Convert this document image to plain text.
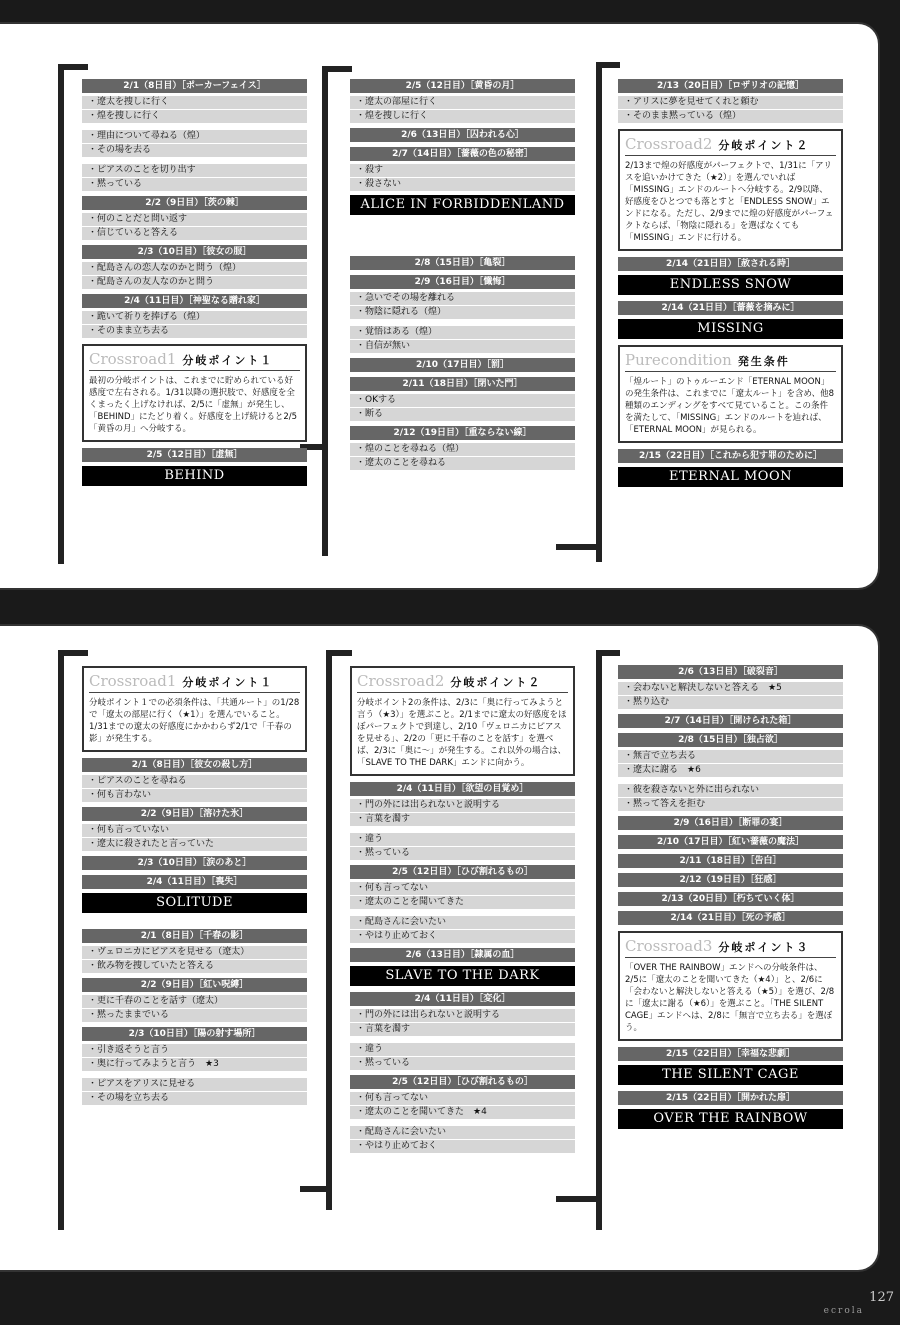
2/1（8日目）［ポーカーフェイス］
・ 遼太を捜しに行く
・ 煌を捜しに行く
・ 理由について尋ねる（煌）
・ その場を去る
・ ピアスのことを切り出す
・ 黙っている
2/2（9日目）［茨の棘］
・ 何のことだと問い返す
・ 信じていると答える
2/3（10日目）［彼女の服］
・ 配島さんの恋人なのかと問う（煌）
・ 配島さんの友人なのかと問う
2/4（11日目）［神聖なる贈れ家］
・ 跪いて祈りを捧げる（煌）
・ そのまま立ち去る
Crossroad1 分岐ポイント１
最初の分岐ポイントは、これまでに貯められている好感度で左右される。1/31以降の選択肢で、好感度を全くまったく上げなければ、2/5に「虚無」が発生し、「BEHIND」にたどり着く。好感度を上げ続けると2/5「黄昏の月」へ分岐する。
2/5（12日目）［虚無］
BEHIND
2/5（12日目）［黄昏の月］
・ 遼太の部屋に行く
・ 煌を捜しに行く
2/6（13日目）［囚われる心］
2/7（14日目）［薔薇の色の秘密］
・ 殺す
・ 殺さない
ALICE IN FORBIDDENLAND
2/8（15日目）［亀裂］
2/9（16日目）［懺悔］
・ 急いでその場を離れる
・ 物陰に隠れる（煌）
・ 覚悟はある（煌）
・ 自信が無い
2/10（17日目）［罰］
2/11（18日目）［閉いた門］
・ OKする
・ 断る
2/12（19日目）［重ならない線］
・ 煌のことを尋ねる（煌）
・ 遼太のことを尋ねる
2/13（20日目）［ロザリオの記憶］
・ アリスに夢を見せてくれと頼む
・ そのまま黙っている（煌）
Crossroad2 分岐ポイント２
2/13まで煌の好感度がパーフェクトで、1/31に「アリスを追いかけてきた（★2）」を選んでいれば「MISSING」エンドのルートへ分岐する。2/9以降、好感度をひとつでも落とすと「ENDLESS SNOW」エンドになる。ただし、2/9までに煌の好感度がパーフェクトならば、「物陰に隠れる」を選ばなくても「MISSING」エンドに行ける。
2/14（21日目）［赦される時］
ENDLESS SNOW
2/14（21日目）［薔薇を摘みに］
MISSING
Purecondition 発生条件
「煌ルート」のトゥルーエンド「ETERNAL MOON」の発生条件は、これまでに「遼太ルート」を含め、他8種類のエンディングをすべて見ていること。この条件を満たして、「MISSING」エンドのルートを辿れば、「ETERNAL MOON」が見られる。
2/15（22日目）［これから犯す罪のために］
ETERNAL MOON
Crossroad1 分岐ポイント１
分岐ポイント１での必須条件は、「共通ルート」の1/28で「遼太の部屋に行く（★1）」を選んでいること。1/31までの遼太の好感度にかかわらず2/1で「千春の影」が発生する。
2/1（8日目）［彼女の殺し方］
・ ピアスのことを尋ねる
・ 何も言わない
2/2（9日目）［溶けた氷］
・ 何も言っていない
・ 遼太に殺されたと言っていた
2/3（10日目）［涙のあと］
2/4（11日目）［喪失］
SOLITUDE
2/1（8日目）［千春の影］
・ ヴェロニカにピアスを見せる（遼太）
・ 飲み物を捜していたと答える
2/2（9日目）［紅い呪縛］
・ 更に千春のことを話す（遼太）
・ 黙ったままでいる
2/3（10日目）［陽の射す場所］
・ 引き返そうと言う
・ 奥に行ってみようと言う　★3
・ ピアスをアリスに見せる
・ その場を立ち去る
Crossroad2 分岐ポイント２
分岐ポイント2の条件は、2/3に「奥に行ってみようと言う（★3）」を選ぶこと。2/1までに遼太の好感度をほぼパーフェクトで到達し、2/10「ヴェロニカにピアスを見せる」、2/2の「更に千春のことを話す」を選べば、2/3に「奥に～」が発生する。これ以外の場合は、「SLAVE TO THE DARK」エンドに向かう。
2/4（11日目）［欲望の目覚め］
・ 門の外には出られないと説明する
・ 言葉を濁す
・ 違う
・ 黙っている
2/5（12日目）［ひび割れるもの］
・ 何も言ってない
・ 遼太のことを聞いてきた
・ 配島さんに会いたい
・ やはり止めておく
2/6（13日目）［隷属の血］
SLAVE TO THE DARK
2/4（11日目）［変化］
・ 門の外には出られないと説明する
・ 言葉を濁す
・ 違う
・ 黙っている
2/5（12日目）［ひび割れるもの］
・ 何も言ってない
・ 遼太のことを聞いてきた　★4
・ 配島さんに会いたい
・ やはり止めておく
2/6（13日目）［破裂音］
・ 会わないと解決しないと答える　★5
・ 黙り込む
2/7（14日目）［開けられた箱］
2/8（15日目）［独占欲］
・ 無言で立ち去る
・ 遼太に謝る　★6
・ 彼を殺さないと外に出られない
・ 黙って答えを拒む
2/9（16日目）［断罪の宴］
2/10（17日目）［紅い薔薇の魔法］
2/11（18日目）［告白］
2/12（19日目）［狂感］
2/13（20日目）［朽ちていく体］
2/14（21日目）［死の予感］
Crossroad3 分岐ポイント３
「OVER THE RAINBOW」エンドへの分岐条件は、2/5に「遼太のことを聞いてきた（★4）」と、2/6に「会わないと解決しないと答える（★5）」を選び、2/8に「遼太に謝る（★6）」を選ぶこと。「THE SILENT CAGE」エンドへは、2/8に「無言で立ち去る」を選ぼう。
2/15（22日目）［幸福な悲劇］
THE SILENT CAGE
2/15（22日目）［開かれた扉］
OVER THE RAINBOW
127
ecrola
